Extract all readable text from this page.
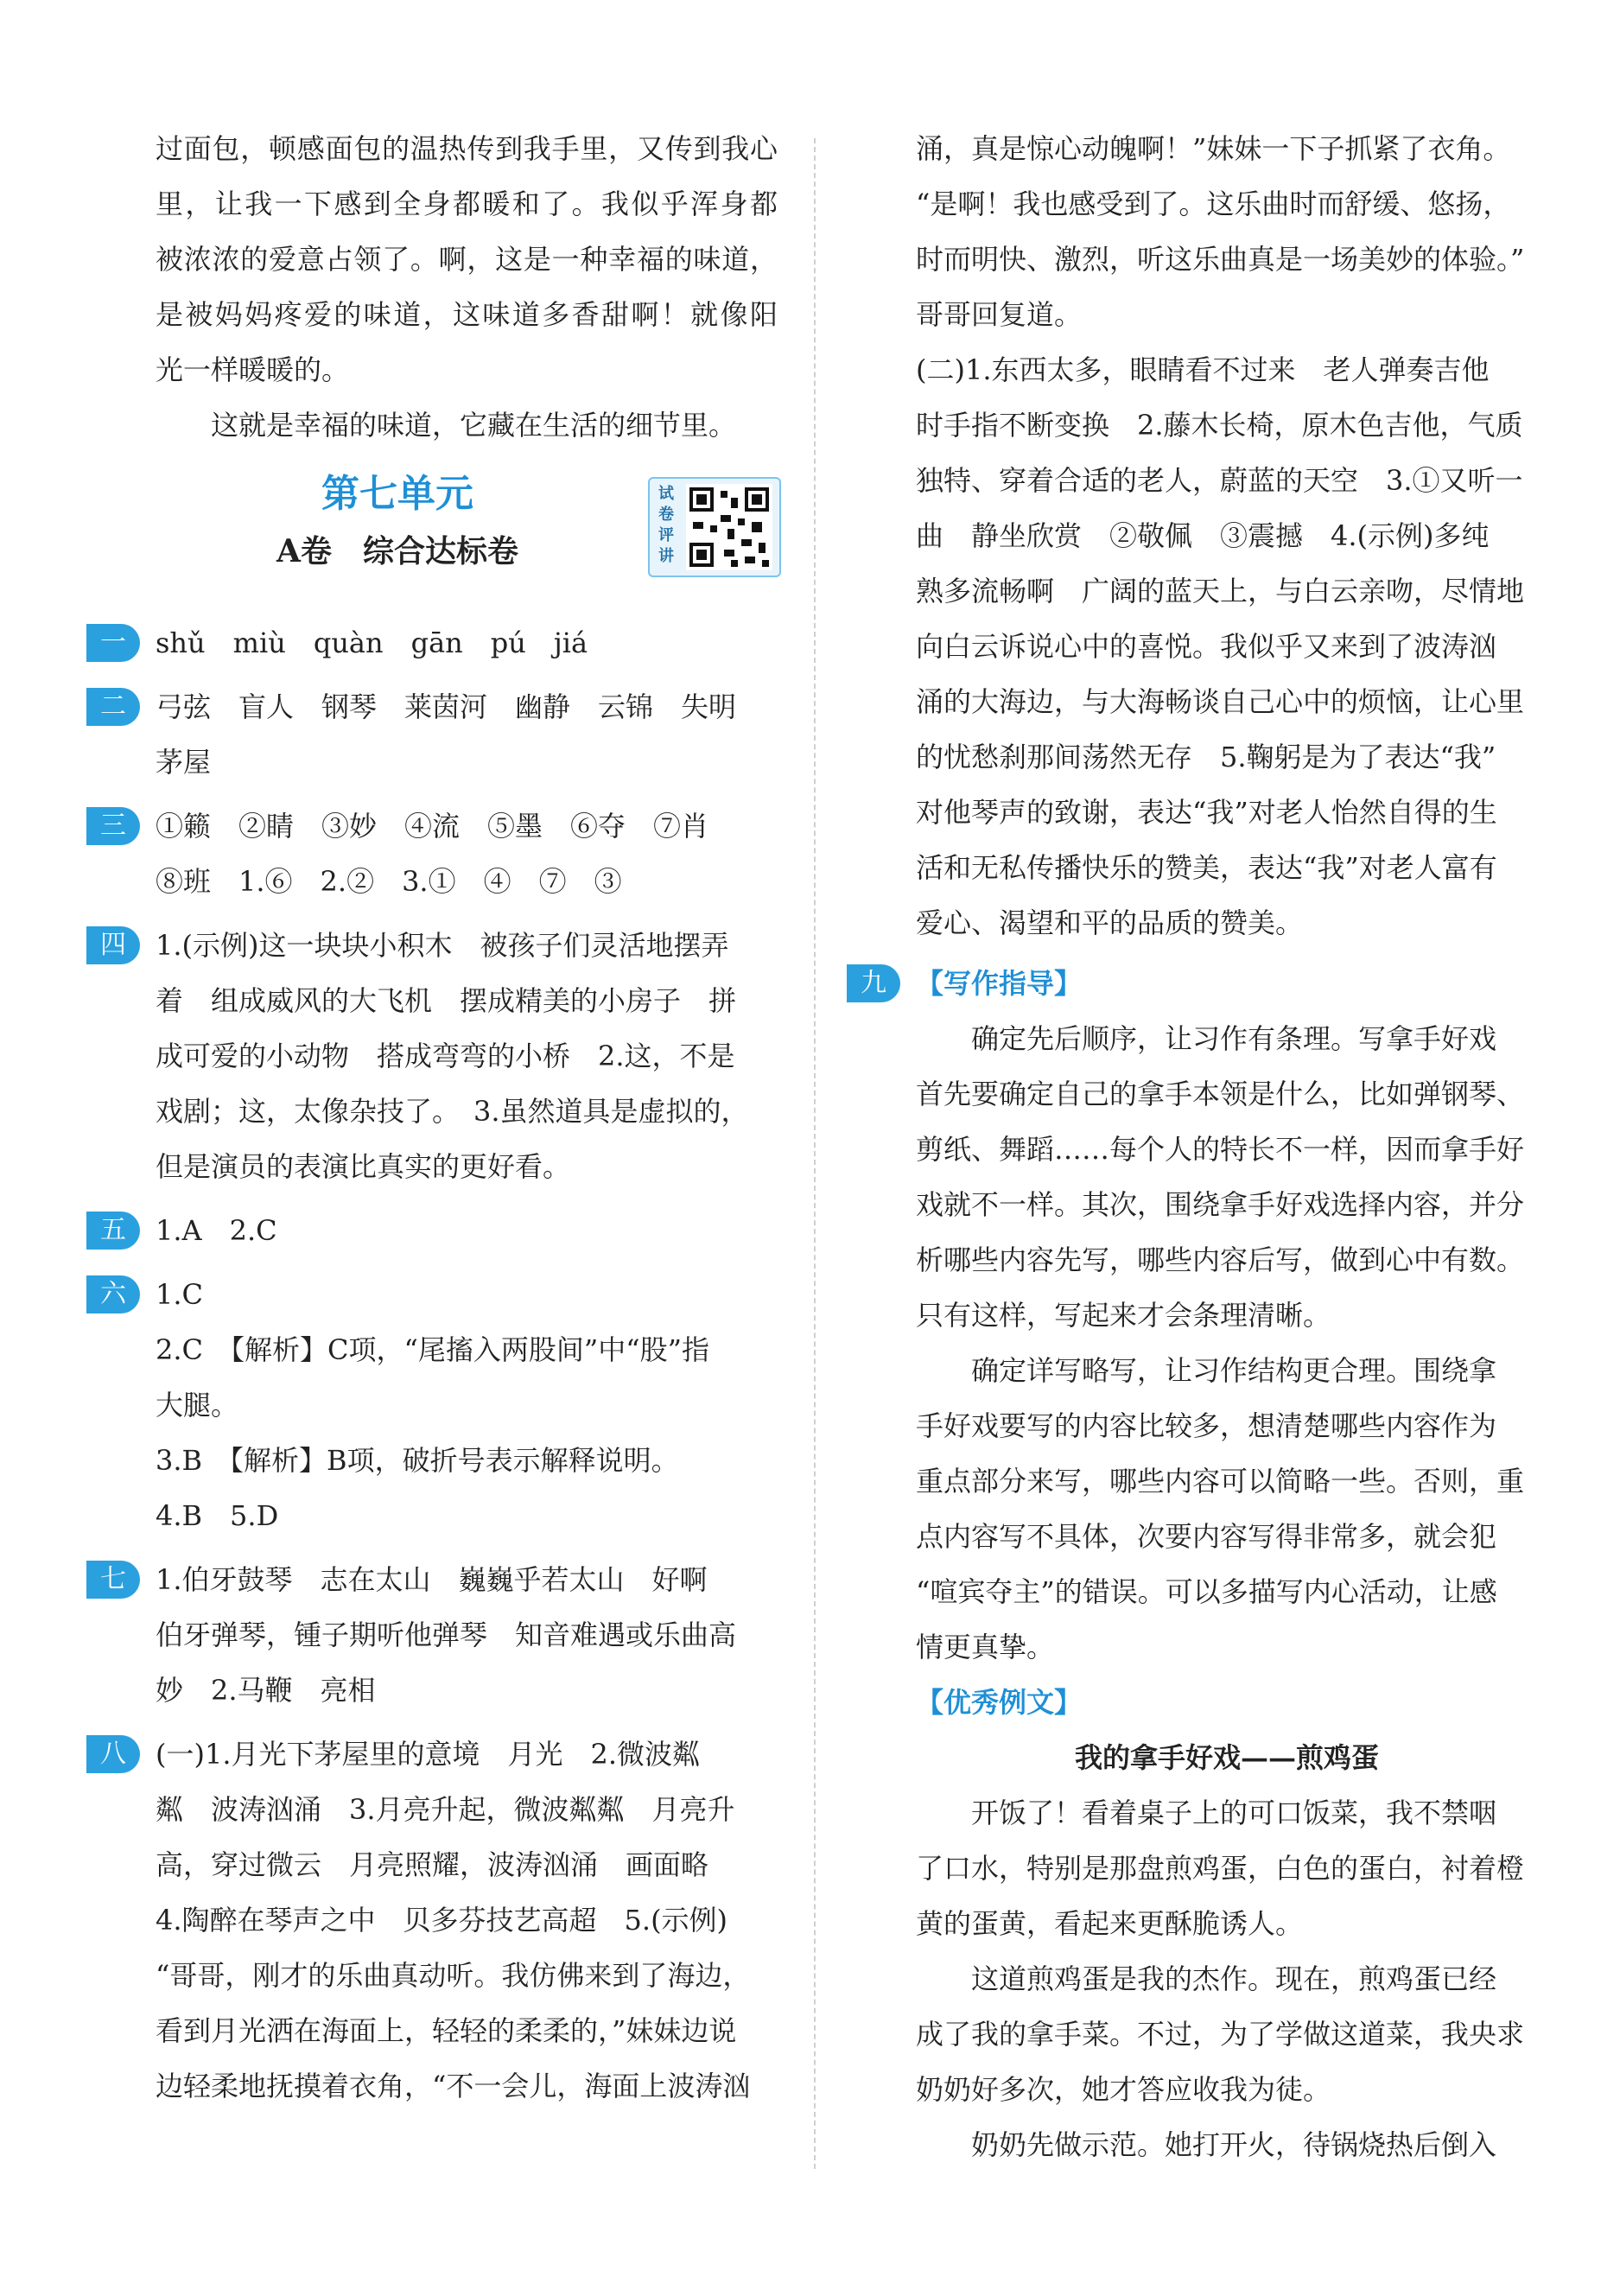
过面包，顿感面包的温热传到我手里，又传到我心
里，让我一下感到全身都暖和了。我似乎浑身都
被浓浓的爱意占领了。啊，这是一种幸福的味道，
是被妈妈疼爱的味道，这味道多香甜啊！就像阳
光一样暖暖的。
这就是幸福的味道，它藏在生活的细节里。
第七单元
A卷　综合达标卷
试卷评讲
一	shǔ　miù　quàn　gān　pú　jiá
二	弓弦　盲人　钢琴　莱茵河　幽静　云锦　失明
茅屋
三	①籁　②睛　③妙　④流　⑤墨　⑥夺　⑦肖
⑧班　1.⑥　2.②　3.①　④　⑦　③
四	1.(示例)这一块块小积木　被孩子们灵活地摆弄
着　组成威风的大飞机　摆成精美的小房子　拼
成可爱的小动物　搭成弯弯的小桥　2.这，不是
戏剧；这，太像杂技了。　3.虽然道具是虚拟的，
但是演员的表演比真实的更好看。
五	1.A　2.C
六	1.C
2.C　【解析】C项，“尾搐入两股间”中“股”指
大腿。
3.B　【解析】B项，破折号表示解释说明。
4.B　5.D
七	1.伯牙鼓琴　志在太山　巍巍乎若太山　好啊
伯牙弹琴，锺子期听他弹琴　知音难遇或乐曲高
妙　2.马鞭　亮相
八	(一)1.月光下茅屋里的意境　月光　2.微波粼
粼　波涛汹涌　3.月亮升起，微波粼粼　月亮升
高，穿过微云　月亮照耀，波涛汹涌　画面略
4.陶醉在琴声之中　贝多芬技艺高超　5.(示例)
“哥哥，刚才的乐曲真动听。我仿佛来到了海边，
看到月光洒在海面上，轻轻的柔柔的，”妹妹边说
边轻柔地抚摸着衣角，“不一会儿，海面上波涛汹
涌，真是惊心动魄啊！”妹妹一下子抓紧了衣角。
“是啊！我也感受到了。这乐曲时而舒缓、悠扬，
时而明快、激烈，听这乐曲真是一场美妙的体验。”
哥哥回复道。
(二)1.东西太多，眼睛看不过来　老人弹奏吉他
时手指不断变换　2.藤木长椅，原木色吉他，气质
独特、穿着合适的老人，蔚蓝的天空　3.①又听一
曲　静坐欣赏　②敬佩　③震撼　4.(示例)多纯
熟多流畅啊　广阔的蓝天上，与白云亲吻，尽情地
向白云诉说心中的喜悦。我似乎又来到了波涛汹
涌的大海边，与大海畅谈自己心中的烦恼，让心里
的忧愁刹那间荡然无存　5.鞠躬是为了表达“我”
对他琴声的致谢，表达“我”对老人怡然自得的生
活和无私传播快乐的赞美，表达“我”对老人富有
爱心、渴望和平的品质的赞美。
九	【写作指导】
确定先后顺序，让习作有条理。写拿手好戏
首先要确定自己的拿手本领是什么，比如弹钢琴、
剪纸、舞蹈……每个人的特长不一样，因而拿手好
戏就不一样。其次，围绕拿手好戏选择内容，并分
析哪些内容先写，哪些内容后写，做到心中有数。
只有这样，写起来才会条理清晰。
确定详写略写，让习作结构更合理。围绕拿
手好戏要写的内容比较多，想清楚哪些内容作为
重点部分来写，哪些内容可以简略一些。否则，重
点内容写不具体，次要内容写得非常多，就会犯
“喧宾夺主”的错误。可以多描写内心活动，让感
情更真挚。
【优秀例文】
我的拿手好戏——煎鸡蛋
开饭了！看着桌子上的可口饭菜，我不禁咽
了口水，特别是那盘煎鸡蛋，白色的蛋白，衬着橙
黄的蛋黄，看起来更酥脆诱人。
这道煎鸡蛋是我的杰作。现在，煎鸡蛋已经
成了我的拿手菜。不过，为了学做这道菜，我央求
奶奶好多次，她才答应收我为徒。
奶奶先做示范。她打开火，待锅烧热后倒入
